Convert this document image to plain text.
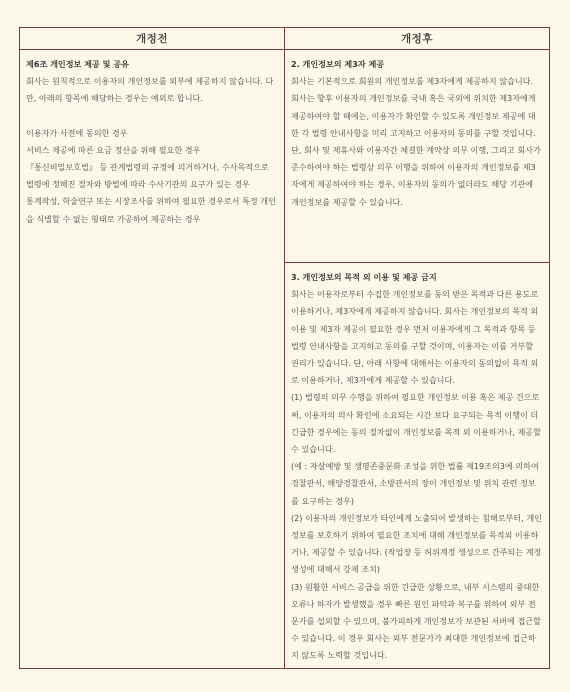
개정전	개정후
제6조 개인정보 제공 및 공유
회사는 원칙적으로 이용자의 개인정보를 외부에 제공하지 않습니다. 다만, 아래의 항목에 해당하는 경우는 예외로 합니다.
이용자가 사전에 동의한 경우
서비스 제공에 따른 요금 정산을 위해 필요한 경우
『통신비밀보호법』 등 관계법령의 규정에 의거하거나, 수사목적으로 법령에 정해진 절차와 방법에 따라 수사기관의 요구가 있는 경우
통계작성, 학술연구 또는 시장조사를 위하여 필요한 경우로서 특정 개인을 식별할 수 없는 형태로 가공하여 제공하는 경우
2. 개인정보의 제3자 제공
회사는 기본적으로 회원의 개인정보를 제3자에게 제공하지 않습니다. 회사는 향후 이용자의 개인정보를 국내 혹은 국외에 위치한 제3자에게 제공하여야 할 때에는, 이용자가 확인할 수 있도록 개인정보 제공에 대한 각 법령 안내사항을 미리 고지하고 이용자의 동의를 구할 것입니다. 단, 회사 및 제휴사와 이용자간 체결한 계약상 의무 이행, 그리고 회사가 준수하여야 하는 법령상 의무 이행을 위하여 이용자의 개인정보를 제3자에게 제공하여야 하는 경우, 이용자의 동의가 없더라도 해당 기관에 개인정보를 제공할 수 있습니다.
3. 개인정보의 목적 외 이용 및 제공 금지
회사는 이용자로부터 수집한 개인정보를 동의 받은 목적과 다른 용도로 이용하거나, 제3자에게 제공하지 않습니다. 회사는 개인정보의 목적 외 이용 및 제3자 제공이 필요한 경우 먼저 이용자에게 그 목적과 항목 등 법령 안내사항을 고지하고 동의를 구할 것이며, 이용자는 이를 거부할 권리가 있습니다. 단, 아래 사항에 대해서는 이용자의 동의없이 목적 외로 이용하거나, 제3자에게 제공할 수 있습니다.
(1) 법령의 의무 수행을 위하여 필요한 개인정보 이용 혹은 제공 건으로써, 이용자의 의사 확인에 소요되는 시간 보다 요구되는 목적 이행이 더 긴급한 경우에는 동의 절차없이 개인정보를 목적 외 이용하거나, 제공할 수 있습니다.
(예 : 자살예방 및 생명존중문화 조성을 위한 법률 제19조의3에 의하여 경찰관서, 해양경찰관서, 소방관서의 장이 개인정보 및 위치 관련 정보를 요구하는 경우)
(2) 이용자의 개인정보가 타인에게 노출되어 발생하는 침해로부터, 개인정보를 보호하기 위하여 필요한 조치에 대해 개인정보를 목적외 이용하거나, 제공할 수 있습니다. (작업장 등 허위계정 생성으로 간주되는 계정 생성에 대해서 강제 조치)
(3) 원활한 서비스 공급을 위한 긴급한 상황으로, 내부 시스템의 중대한 오류나 하자가 발생했을 경우 빠른 원인 파악과 복구를 위하여 외부 전문가를 섭외할 수 있으며, 불가피하게 개인정보가 보관된 서버에 접근할 수 있습니다. 이 경우 회사는 외부 전문가가 최대한 개인정보에 접근하지 않도록 노력할 것입니다.
